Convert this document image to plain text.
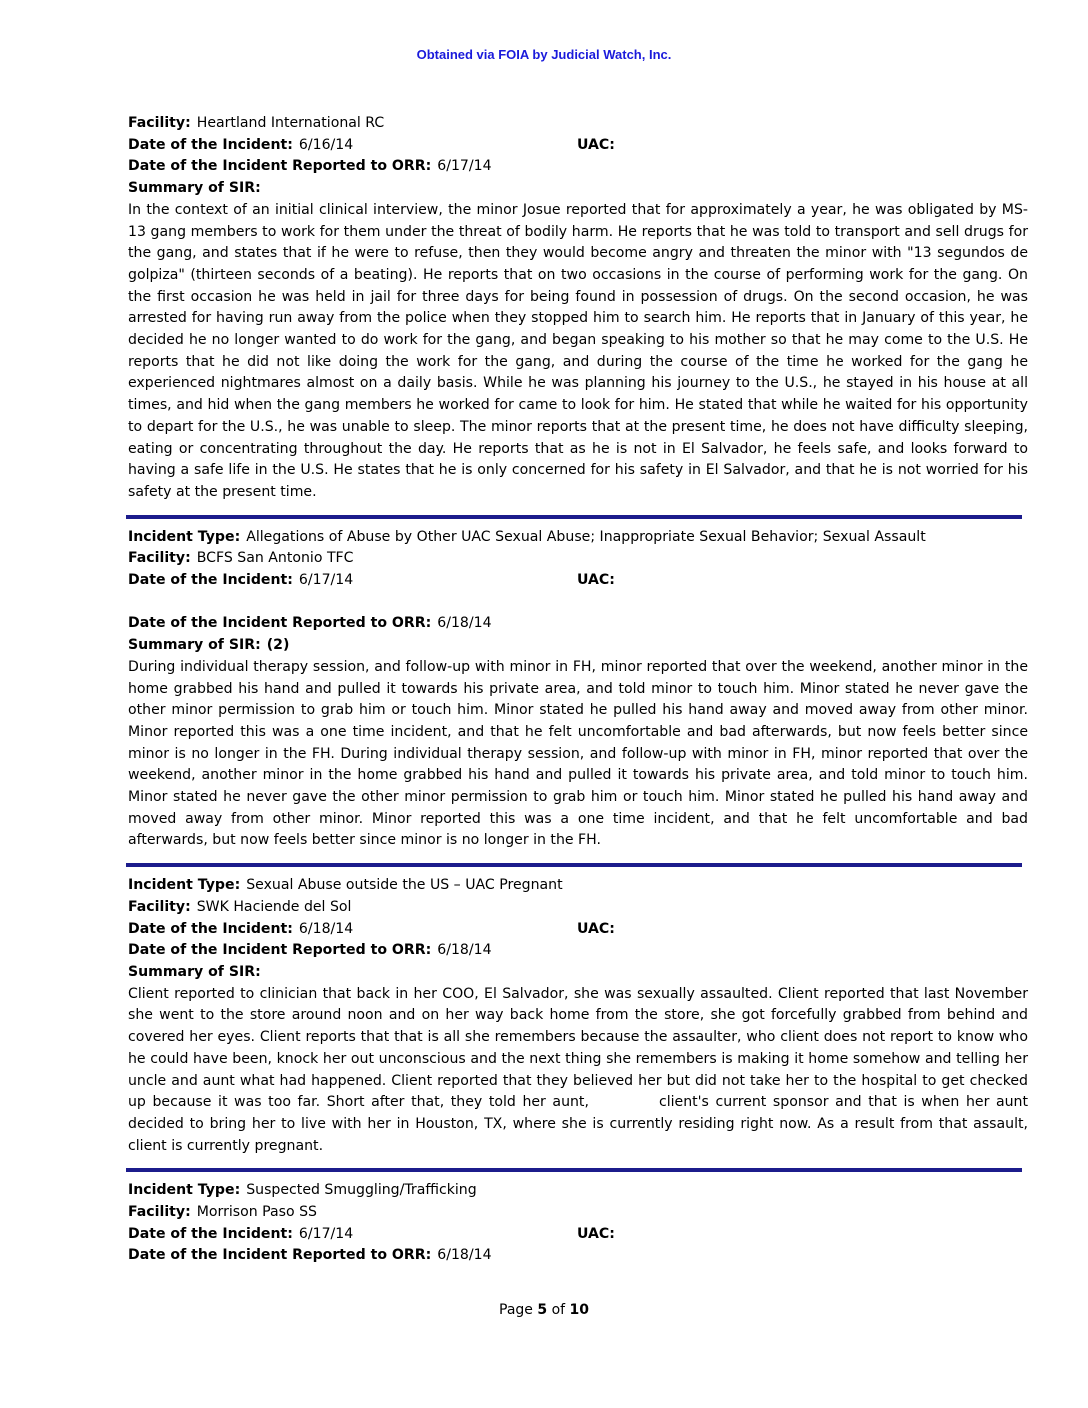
Obtained via FOIA by Judicial Watch, Inc.
Facility: Heartland International RC
Date of the Incident: 6/16/14	UAC:
Date of the Incident Reported to ORR: 6/17/14
Summary of SIR:
In the context of an initial clinical interview, the minor Josue reported that for approximately a year, he was obligated by MS-13 gang members to work for them under the threat of bodily harm. He reports that he was told to transport and sell drugs for the gang, and states that if he were to refuse, then they would become angry and threaten the minor with "13 segundos de golpiza" (thirteen seconds of a beating). He reports that on two occasions in the course of performing work for the gang. On the first occasion he was held in jail for three days for being found in possession of drugs. On the second occasion, he was arrested for having run away from the police when they stopped him to search him. He reports that in January of this year, he decided he no longer wanted to do work for the gang, and began speaking to his mother so that he may come to the U.S. He reports that he did not like doing the work for the gang, and during the course of the time he worked for the gang he experienced nightmares almost on a daily basis. While he was planning his journey to the U.S., he stayed in his house at all times, and hid when the gang members he worked for came to look for him. He stated that while he waited for his opportunity to depart for the U.S., he was unable to sleep. The minor reports that at the present time, he does not have difficulty sleeping, eating or concentrating throughout the day. He reports that as he is not in El Salvador, he feels safe, and looks forward to having a safe life in the U.S. He states that he is only concerned for his safety in El Salvador, and that he is not worried for his safety at the present time.
Incident Type: Allegations of Abuse by Other UAC Sexual Abuse; Inappropriate Sexual Behavior; Sexual Assault
Facility: BCFS San Antonio TFC
Date of the Incident: 6/17/14	UAC:
Date of the Incident Reported to ORR: 6/18/14
Summary of SIR: (2)
During individual therapy session, and follow-up with minor in FH, minor reported that over the weekend, another minor in the home grabbed his hand and pulled it towards his private area, and told minor to touch him. Minor stated he never gave the other minor permission to grab him or touch him. Minor stated he pulled his hand away and moved away from other minor. Minor reported this was a one time incident, and that he felt uncomfortable and bad afterwards, but now feels better since minor is no longer in the FH. During individual therapy session, and follow-up with minor in FH, minor reported that over the weekend, another minor in the home grabbed his hand and pulled it towards his private area, and told minor to touch him. Minor stated he never gave the other minor permission to grab him or touch him. Minor stated he pulled his hand away and moved away from other minor. Minor reported this was a one time incident, and that he felt uncomfortable and bad afterwards, but now feels better since minor is no longer in the FH.
Incident Type: Sexual Abuse outside the US – UAC Pregnant
Facility: SWK Haciende del Sol
Date of the Incident: 6/18/14	UAC:
Date of the Incident Reported to ORR: 6/18/14
Summary of SIR:
Client reported to clinician that back in her COO, El Salvador, she was sexually assaulted. Client reported that last November she went to the store around noon and on her way back home from the store, she got forcefully grabbed from behind and covered her eyes. Client reports that that is all she remembers because the assaulter, who client does not report to know who he could have been, knock her out unconscious and the next thing she remembers is making it home somehow and telling her uncle and aunt what had happened. Client reported that they believed her but did not take her to the hospital to get checked up because it was too far. Short after that, they told her aunt,	client's current sponsor and that is when her aunt decided to bring her to live with her in Houston, TX, where she is currently residing right now. As a result from that assault, client is currently pregnant.
Incident Type: Suspected Smuggling/Trafficking
Facility: Morrison Paso SS
Date of the Incident: 6/17/14	UAC:
Date of the Incident Reported to ORR: 6/18/14
Page 5 of 10
